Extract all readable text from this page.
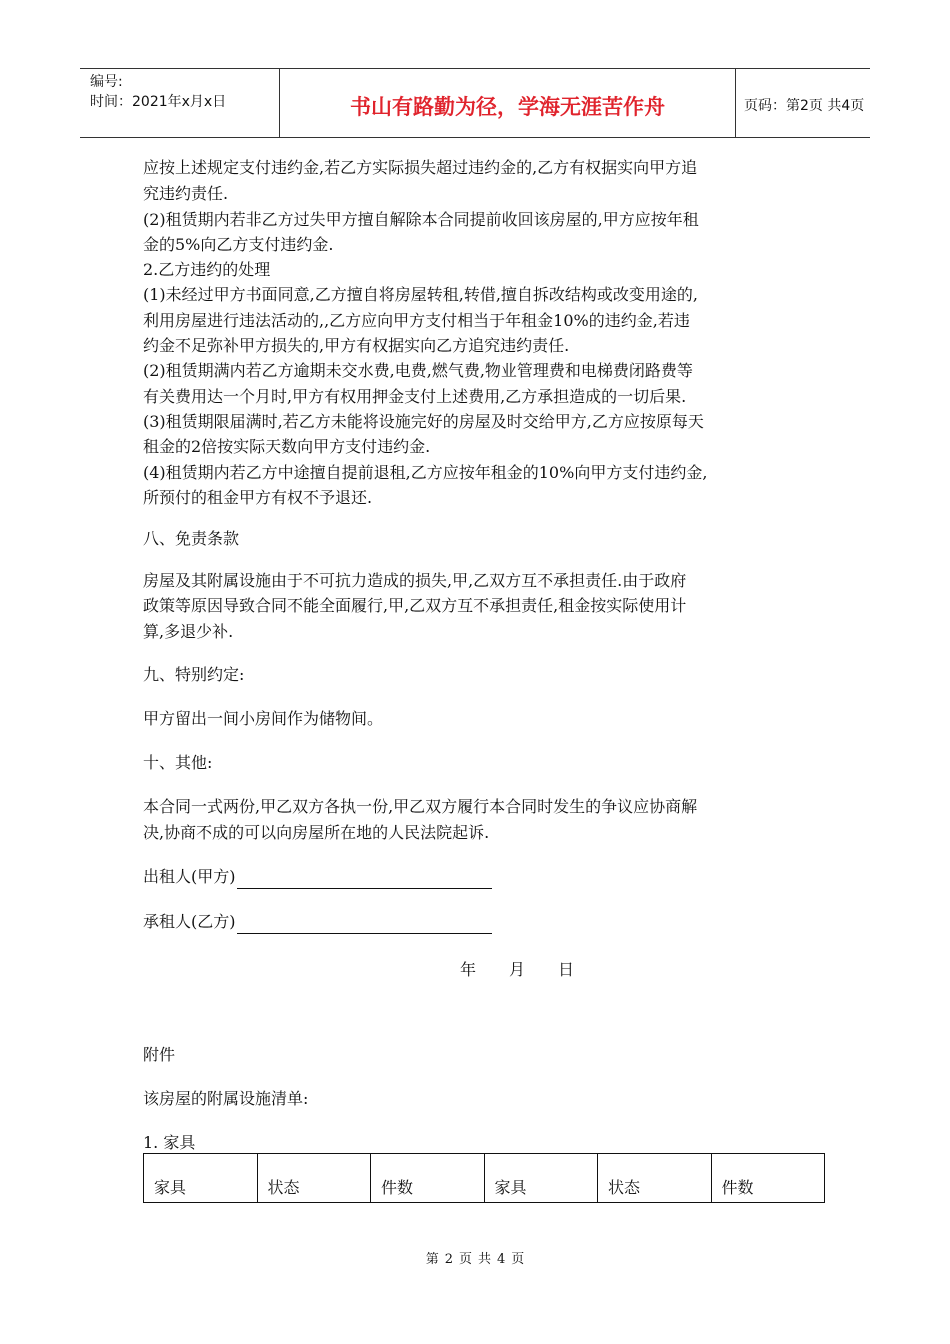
编号:
时间：2021年x月x日	书山有路勤为径，学海无涯苦作舟	页码：第2页 共4页
应按上述规定支付违约金,若乙方实际损失超过违约金的,乙方有权据实向甲方追
究违约责任.
(2)租赁期内若非乙方过失甲方擅自解除本合同提前收回该房屋的,甲方应按年租
金的5%向乙方支付违约金.
2.乙方违约的处理
(1)未经过甲方书面同意,乙方擅自将房屋转租,转借,擅自拆改结构或改变用途的,
利用房屋进行违法活动的,,乙方应向甲方支付相当于年租金10%的违约金,若违
约金不足弥补甲方损失的,甲方有权据实向乙方追究违约责任.
(2)租赁期满内若乙方逾期未交水费,电费,燃气费,物业管理费和电梯费闭路费等
有关费用达一个月时,甲方有权用押金支付上述费用,乙方承担造成的一切后果.
(3)租赁期限届满时,若乙方未能将设施完好的房屋及时交给甲方,乙方应按原每天
租金的2倍按实际天数向甲方支付违约金.
(4)租赁期内若乙方中途擅自提前退租,乙方应按年租金的10%向甲方支付违约金,
所预付的租金甲方有权不予退还.
八、免责条款
房屋及其附属设施由于不可抗力造成的损失,甲,乙双方互不承担责任.由于政府
政策等原因导致合同不能全面履行,甲,乙双方互不承担责任,租金按实际使用计
算,多退少补.
九、特别约定:
甲方留出一间小房间作为储物间。
十、其他:
本合同一式两份,甲乙双方各执一份,甲乙双方履行本合同时发生的争议应协商解
决,协商不成的可以向房屋所在地的人民法院起诉.
出租人(甲方)
承租人(乙方)
附件
该房屋的附属设施清单:
1. 家具
年 月 日
家具	状态	件数	家具	状态	件数
第 2 页 共 4 页
